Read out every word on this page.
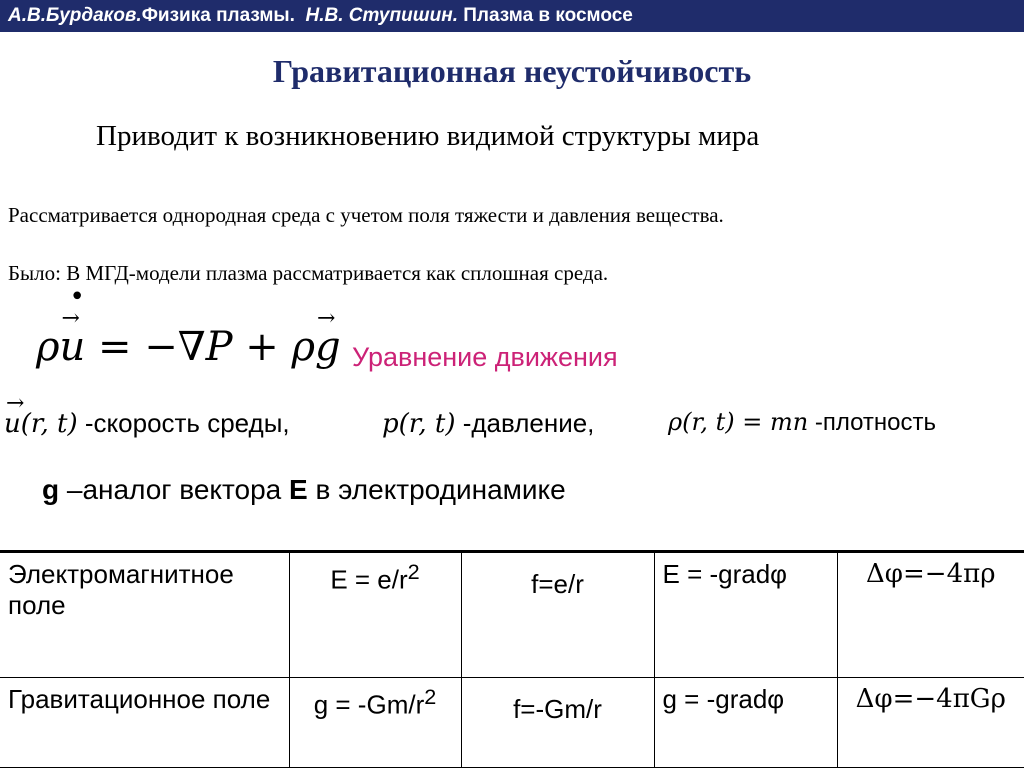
А.В.Бурдаков.Физика плазмы. Н.В. Ступишин. Плазма в космосе
Гравитационная неустойчивость
Приводит к возникновению видимой структуры мира
Рассматривается однородная среда с учетом поля тяжести и давления вещества.
Было: В МГД-модели плазма рассматривается как сплошная среда.
ρ→ u • = −∇P + ρ→ g Уравнение движения
→ u(r, t) -скорость среды,	p(r, t) -давление,	ρ(r, t) = mn -плотность
g –аналог вектора E в электродинамике
Электромагнитное поле	$E = e/r^2$	f=e/r	E = -gradφ	Δφ=−4πρ
Гравитационное поле	$g = -Gm/r^2$	f=-Gm/r	g = -gradφ	Δφ=−4πGρ
